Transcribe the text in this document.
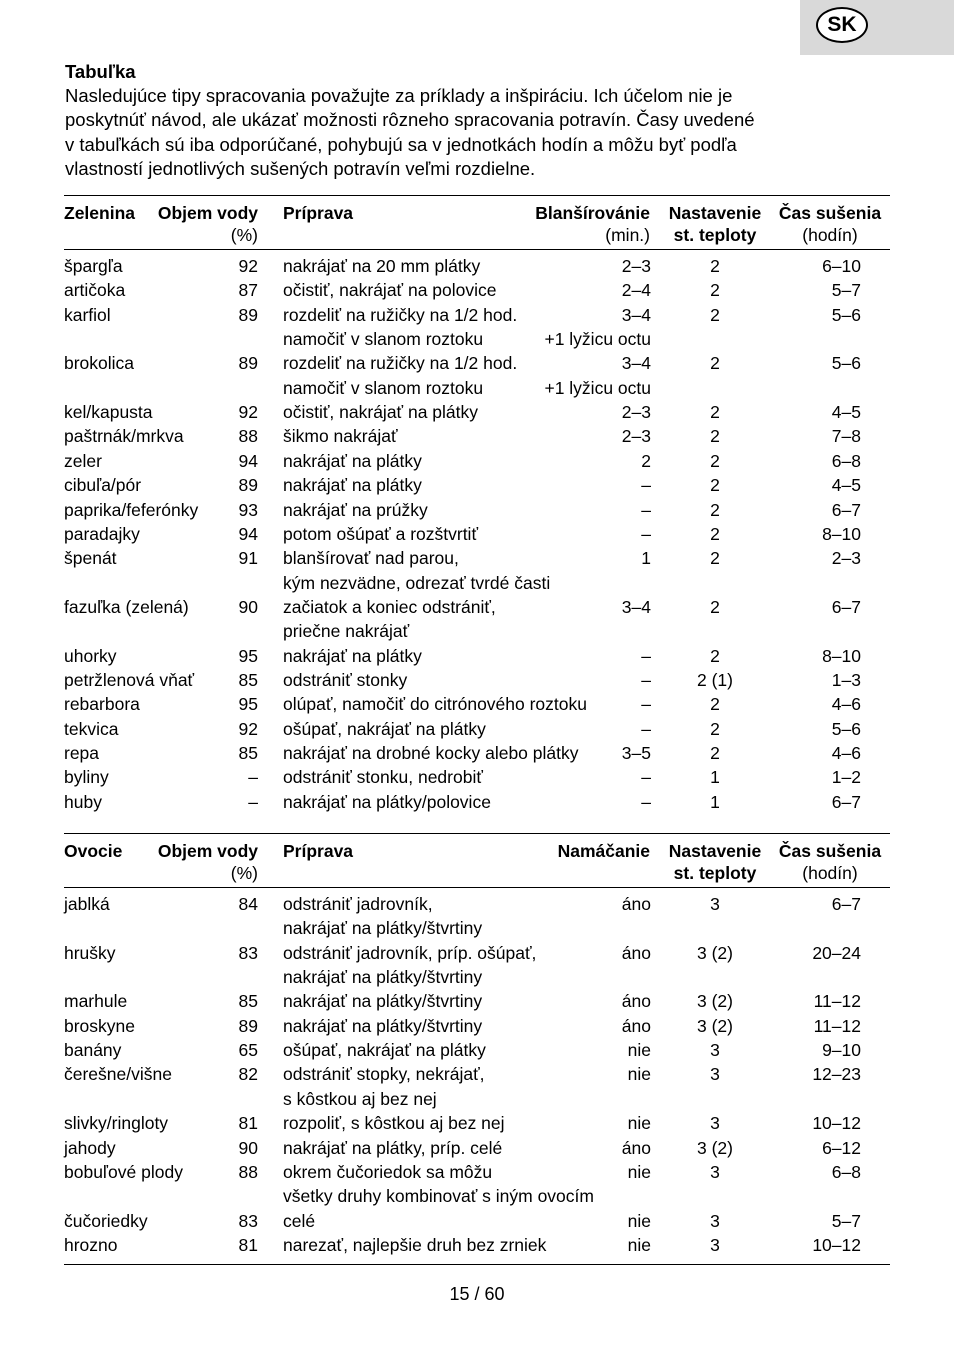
SK
Tabuľka

Nasledujúce tipy spracovania považujte za príklady a inšpiráciu. Ich účelom nie je
poskytnúť návod, ale ukázať možnosti rôzneho spracovania potravín. Časy uvedené
v tabuľkách sú iba odporúčané, pohybujú sa v jednotkách hodín a môžu byť podľa
vlastností jednotlivých sušených potravín veľmi rozdielne.

Zelenina Objem vody
(%)
Príprava	Blanšírovánie
(min.)
Nastavenie
st. teploty
Čas sušenia
(hodín)
špargľa	92 nakrájať na 20 mm plátky	2–3	2	6–10
artičoka	87 očistiť, nakrájať na polovice	2–4	2	5–7
karfiol	89 rozdeliť na ružičky na 1/2 hod.	3–4	2	5–6
namočiť v slanom roztoku	+1 lyžicu octu
brokolica	89 rozdeliť na ružičky na 1/2 hod.	3–4	2	5–6
namočiť v slanom roztoku	+1 lyžicu octu
kel/kapusta	92 očistiť, nakrájať na plátky	2–3	2	4–5
paštrnák/mrkva	88 šikmo nakrájať	2–3	2	7–8
zeler	94 nakrájať na plátky	2	2	6–8
cibuľa/pór	89 nakrájať na plátky	–	2	4–5
paprika/feferónky 93 nakrájať na prúžky	–	2	6–7
paradajky	94 potom ošúpať a rozštvrtiť	–	2	8–10
špenát	91 blanšírovať nad parou,	1	2	2–3
kým nezvädne, odrezať tvrdé časti
fazuľka (zelená)	90 začiatok a koniec odstrániť,	3–4	2	6–7
priečne nakrájať
uhorky	95 nakrájať na plátky	–	2	8–10
petržlenová vňať	85 odstrániť stonky	–	2 (1)	1–3
rebarbora	95 olúpať, namočiť do citrónového roztoku	–	2	4–6
tekvica	92 ošúpať, nakrájať na plátky	–	2	5–6
repa	85 nakrájať na drobné kocky alebo plátky 3–5	2	4–6
byliny	– odstrániť stonku, nedrobiť	–	1	1–2
huby	– nakrájať na plátky/polovice	–	1	6–7
Ovocie Objem vody
(%)
Príprava	Namáčanie	Nastavenie
st. teploty
Čas sušenia
(hodín)
jablká	84 odstrániť jadrovník,	áno	3	6–7
nakrájať na plátky/štvrtiny
hrušky	83 odstrániť jadrovník, príp. ošúpať,	áno	3 (2)	20–24
nakrájať na plátky/štvrtiny
marhule	85 nakrájať na plátky/štvrtiny	áno	3 (2)	11–12
broskyne	89 nakrájať na plátky/štvrtiny	áno	3 (2)	11–12
banány	65 ošúpať, nakrájať na plátky	nie	3	9–10
čerešne/višne	82 odstrániť stopky, nekrájať,	nie	3	12–23
s kôstkou aj bez nej
slivky/ringloty	81 rozpoliť, s kôstkou aj bez nej	nie	3	10–12
jahody	90 nakrájať na plátky, príp. celé	áno	3 (2)	6–12
bobuľové plody	88 okrem čučoriedok sa môžu	nie	3	6–8
všetky druhy kombinovať s iným ovocím
čučoriedky	83 celé	nie	3	5–7
hrozno	81 narezať, najlepšie druh bez zrniek	nie	3	10–12
15 / 60
